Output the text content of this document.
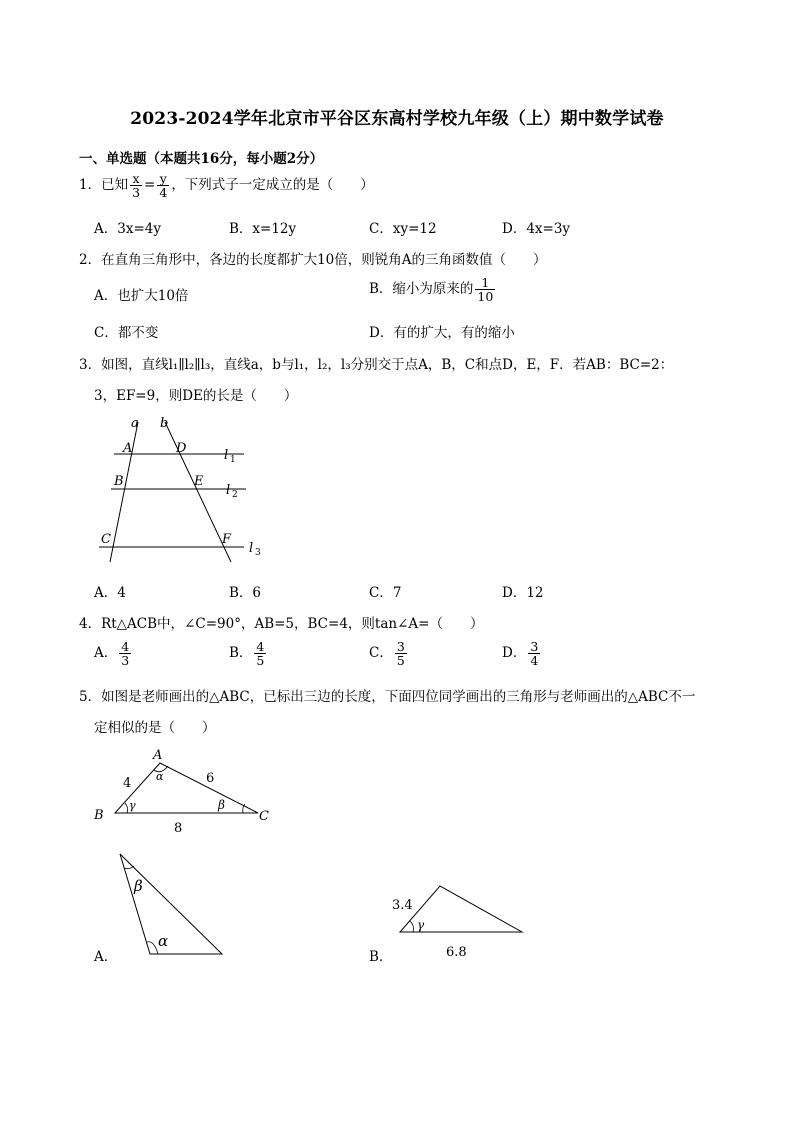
2023-2024学年北京市平谷区东高村学校九年级（上）期中数学试卷
一、单选题（本题共16分，每小题2分）
1．已知 $\frac{x}{3} = \frac{y}{4}$ ，下列式子一定成立的是（　　）
A．3x=4y	B．x=12y	C．xy=12	D．4x=3y
2．在直角三角形中，各边的长度都扩大10倍，则锐角A的三角函数值（　　）
A．也扩大10倍	B．缩小为原来的 $\frac{1}{10}$
C．都不变	D．有的扩大，有的缩小
3．如图，直线l₁∥l₂∥l₃，直线a，b与l₁，l₂，l₃分别交于点A，B，C和点D，E，F．若AB：BC=2：
3，EF=9，则DE的长是（　　）
a b
A	D
B	E
C	F
l
l
l
1
2
3
A．4	B．6	C．7	D．12
4．Rt△ACB中，∠C=90°，AB=5，BC=4，则tan∠A=（　　）
A． $\frac{4}{3}$	B． $\frac{4}{5}$	C． $\frac{3}{5}$	D． $\frac{3}{4}$
5．如图是老师画出的△ABC，已标出三边的长度，下面四位同学画出的三角形与老师画出的△ABC不一
定相似的是（　　）
A
B	C
α
γ	β
4	6
8
A．
β
α
B．
3.4
γ
6.8
